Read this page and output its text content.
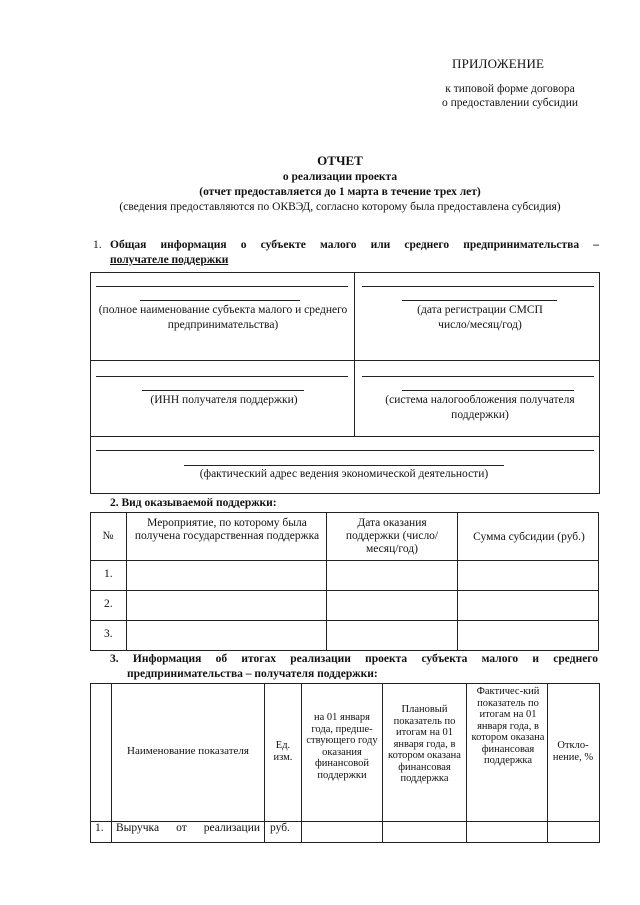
ПРИЛОЖЕНИЕ
к типовой форме договора
о предоставлении субсидии
ОТЧЕТ
о реализации проекта
(отчет предоставляется до 1 марта в течение трех лет)
(сведения предоставляются по ОКВЭД, согласно которому была предоставлена субсидия)
1. Общая информация о субъекте малого или среднего предпринимательства –
получателе поддержки
(полное наименование субъекта малого и среднего предпринимательства)
(дата регистрации СМСП число/месяц/год)
(ИНН получателя поддержки)	(система налогообложения получателя поддержки)
(фактический адрес ведения экономической деятельности)
2. Вид оказываемой поддержки:
№
Мероприятие, по которому была получена государственная поддержка
Дата оказания поддержки (число/месяц/год)
Сумма субсидии (руб.)
1.
2.
3.
3. Информация об итогах реализации проекта субъекта малого и среднего
предпринимательства – получателя поддержки:
Наименование показателя	Ед. изм.
на 01 января года, предше-ствующего году оказания финансовой поддержки
Плановый показатель по итогам на 01 января года, в котором оказана финансовая поддержка
Фактичес-кий показатель по итогам на 01 января года, в котором оказана финансовая поддержка
Откло-нение, %
1. Выручка от реализации руб.
